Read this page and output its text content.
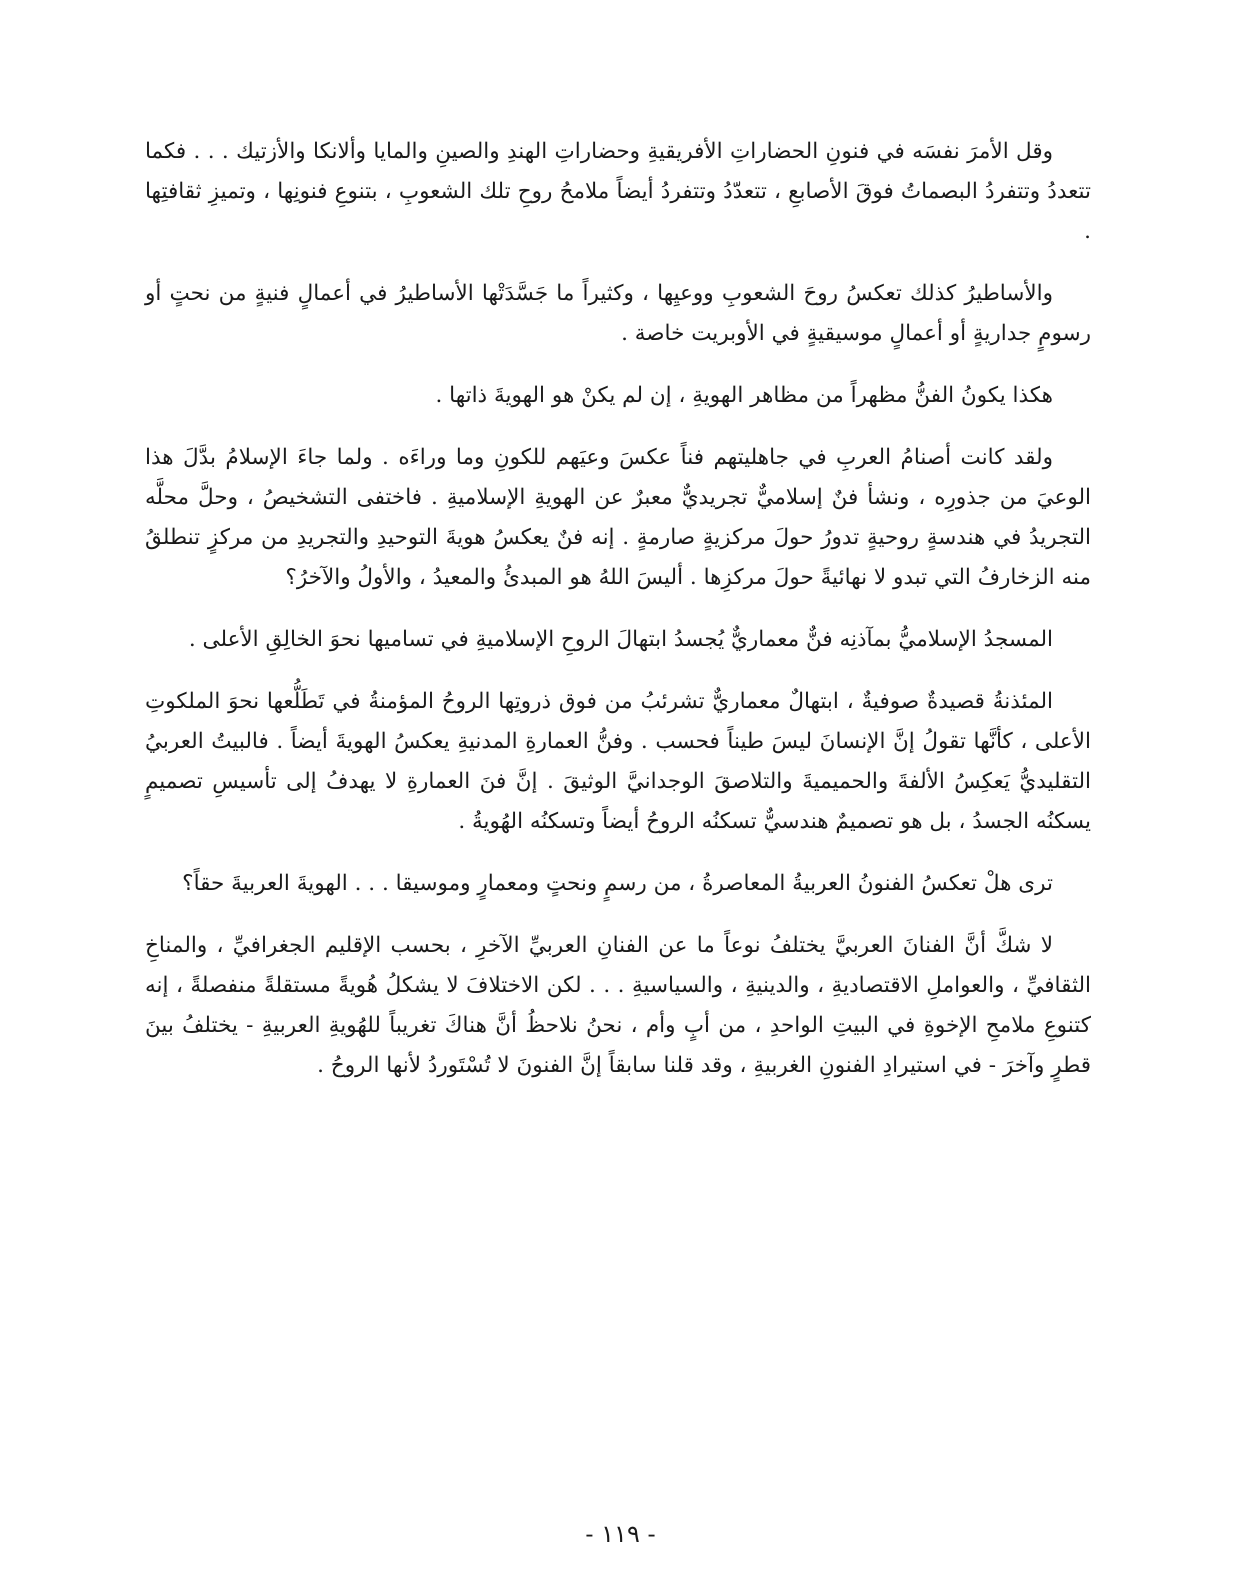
وقل الأمرَ نفسَه في فنونِ الحضاراتِ الأفريقيةِ وحضاراتِ الهندِ والصينِ والمايا وألانكا والأزتيك . . . فكما تتعددُ وتتفردُ البصماتُ فوقَ الأصابعِ ، تتعدّدُ وتتفردُ أيضاً ملامحُ روحِ تلك الشعوبِ ، بتنوعِ فنونِها ، وتميزِ ثقافتِها .

والأساطيرُ كذلك تعكسُ روحَ الشعوبِ ووعيِها ، وكثيراً ما جَسَّدَتْها الأساطيرُ في أعمالٍ فنيةٍ من نحتٍ أو رسومٍ جداريةٍ أو أعمالٍ موسيقيةٍ في الأوبريت خاصة .

هكذا يكونُ الفنُّ مظهراً من مظاهر الهويةِ ، إن لم يكنْ هو الهويةَ ذاتها .

ولقد كانت أصنامُ العربِ في جاهليتهم فناً عكسَ وعيَهم للكونِ وما وراءَه . ولما جاءَ الإسلامُ بدَّلَ هذا الوعيَ من جذورِه ، ونشأ فنٌ إسلاميٌّ تجريديٌّ معبرٌ عن الهويةِ الإسلاميةِ . فاختفى التشخيصُ ، وحلَّ محلَّه التجريدُ في هندسةٍ روحيةٍ تدورُ حولَ مركزيةٍ صارمةٍ . إنه فنٌ يعكسُ هويةَ التوحيدِ والتجريدِ من مركزٍ تنطلقُ منه الزخارفُ التي تبدو لا نهائيةً حولَ مركزِها . أليسَ اللهُ هو المبدئُ والمعيدُ ، والأولُ والآخرُ؟

المسجدُ الإسلاميُّ بمآذنِه فنٌّ معماريٌّ يُجسدُ ابتهالَ الروحِ الإسلاميةِ في تساميها نحوَ الخالِقِ الأعلى .

المئذنةُ قصيدةٌ صوفيةٌ ، ابتهالٌ معماريٌّ تشرئبُ من فوق ذروتِها الروحُ المؤمنةُ في تَطَلُّعها نحوَ الملكوتِ الأعلى ، كأنَّها تقولُ إنَّ الإنسانَ ليسَ طيناً فحسب . وفنُّ العمارةِ المدنيةِ يعكسُ الهويةَ أيضاً . فالبيتُ العربيُ التقليديُّ يَعكِسُ الألفةَ والحميميةَ والتلاصقَ الوجدانيَّ الوثيقَ . إنَّ فنَ العمارةِ لا يهدفُ إلى تأسيسِ تصميمٍ يسكنُه الجسدُ ، بل هو تصميمٌ هندسيٌّ تسكنُه الروحُ أيضاً وتسكنُه الهُويةُ .

ترى هلْ تعكسُ الفنونُ العربيةُ المعاصرةُ ، من رسمٍ ونحتٍ ومعمارٍ وموسيقا . . . الهويةَ العربيةَ حقاً؟

لا شكَّ أنَّ الفنانَ العربيَّ يختلفُ نوعاً ما عن الفنانِ العربيِّ الآخرِ ، بحسب الإقليم الجغرافيِّ ، والمناخِ الثقافيِّ ، والعواملِ الاقتصاديةِ ، والدينيةِ ، والسياسيةِ . . . لكن الاختلافَ لا يشكلُ هُويةً مستقلةً منفصلةً ، إنه كتنوعِ ملامحِ الإخوةِ في البيتِ الواحدِ ، من أبٍ وأم ، نحنُ نلاحظُ أنَّ هناكَ تغريباً للهُويةِ العربيةِ - يختلفُ بينَ قطرٍ وآخرَ - في استيرادِ الفنونِ الغربيةِ ، وقد قلنا سابقاً إنَّ الفنونَ لا تُسْتَوردُ لأنها الروحُ .

- ١١٩ -
